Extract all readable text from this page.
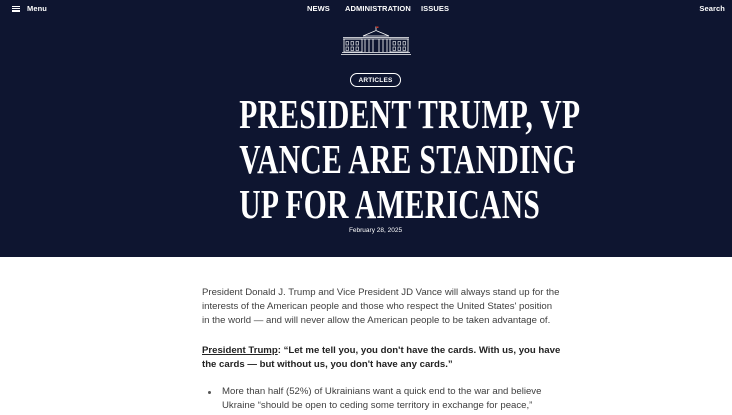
Menu	NEWS ADMINISTRATION ISSUES	Search
ARTICLES
PRESIDENT TRUMP, VP
VANCE ARE STANDING
UP FOR AMERICANS
February 28, 2025

President Donald J. Trump and Vice President JD Vance will always stand up for the interests of the American people and those who respect the United States' position in the world — and will never allow the American people to be taken advantage of.

President Trump: “Let me tell you, you don't have the cards. With us, you have the cards — but without us, you don't have any cards.”

More than half (52%) of Ukrainians want a quick end to the war and believe Ukraine “should be open to ceding some territory in exchange for peace,”
